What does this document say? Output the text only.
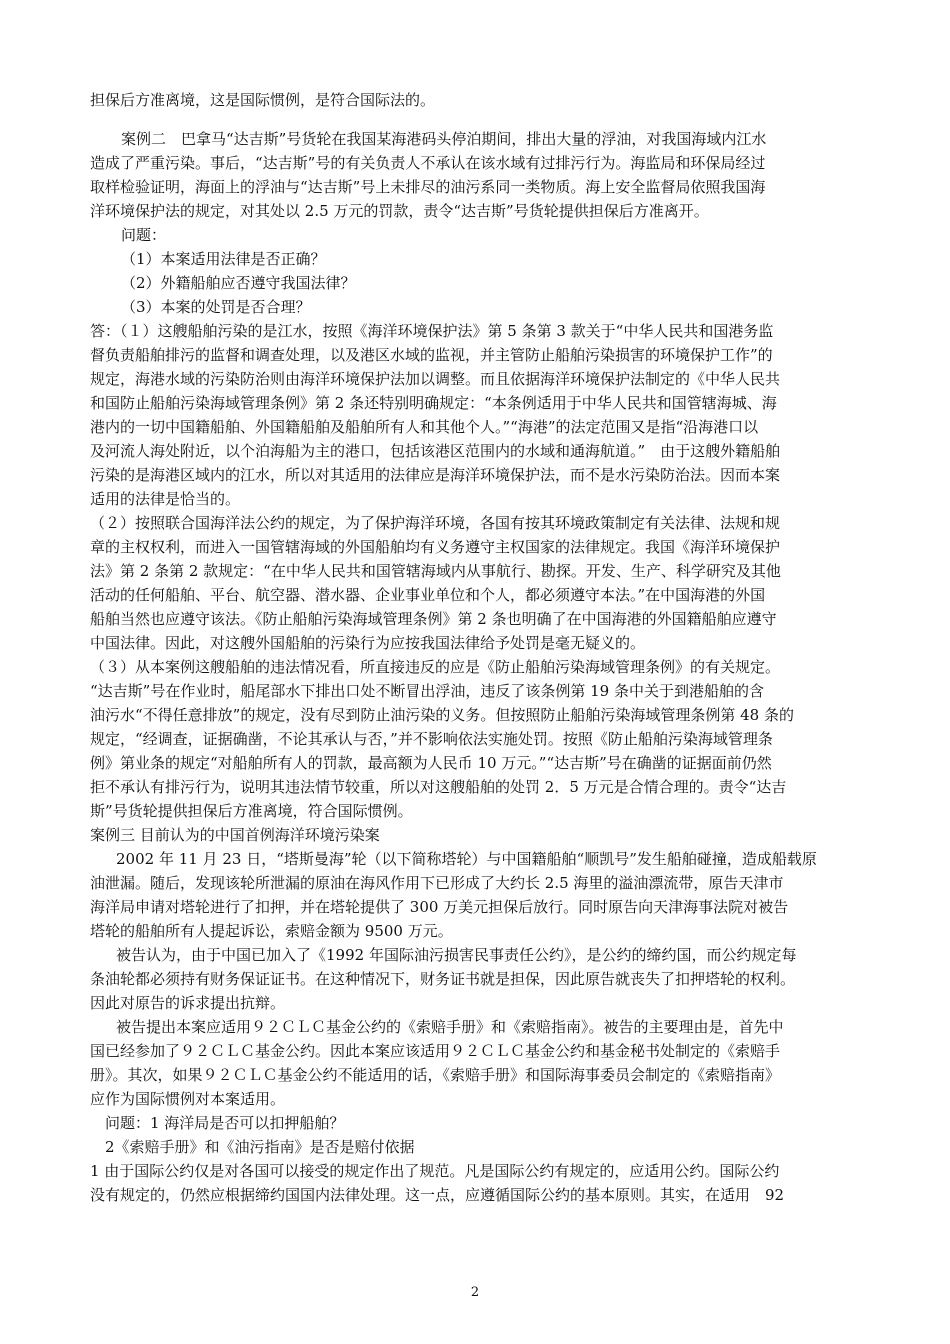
担保后方准离境，这是国际惯例，是符合国际法的。
案例二　巴拿马“达吉斯”号货轮在我国某海港码头停泊期间，排出大量的浮油，对我国海域内江水
造成了严重污染。事后，“达吉斯”号的有关负责人不承认在该水域有过排污行为。海监局和环保局经过
取样检验证明，海面上的浮油与“达吉斯”号上未排尽的油污系同一类物质。海上安全监督局依照我国海
洋环境保护法的规定，对其处以 2.5 万元的罚款，责令“达吉斯”号货轮提供担保后方准离开。
问题：
（1）本案适用法律是否正确？
（2）外籍船舶应否遵守我国法律？
（3）本案的处罚是否合理？
答：（１）这艘船舶污染的是江水，按照《海洋环境保护法》第 5 条第 3 款关于“中华人民共和国港务监
督负责船舶排污的监督和调查处理，以及港区水域的监视，并主管防止船舶污染损害的环境保护工作”的
规定，海港水域的污染防治则由海洋环境保护法加以调整。而且依据海洋环境保护法制定的《中华人民共
和国防止船舶污染海域管理条例》第 2 条还特别明确规定：“本条例适用于中华人民共和国管辖海城、海
港内的一切中国籍船舶、外国籍船舶及船舶所有人和其他个人。”“海港”的法定范围又是指“沿海港口以
及河流人海处附近，以个泊海船为主的港口，包括该港区范围内的水域和通海航道。”　由于这艘外籍船舶
污染的是海港区域内的江水，所以对其适用的法律应是海洋环境保护法，而不是水污染防治法。因而本案
适用的法律是恰当的。
（２）按照联合国海洋法公约的规定，为了保护海洋环境，各国有按其环境政策制定有关法律、法规和规
章的主权权利，而进入一国管辖海域的外国船舶均有义务遵守主权国家的法律规定。我国《海洋环境保护
法》第 2 条第 2 款规定：“在中华人民共和国管辖海域内从事航行、勘探。开发、生产、科学研究及其他
活动的任何船舶、平台、航空器、潜水器、企业事业单位和个人，都必须遵守本法。”在中国海港的外国
船舶当然也应遵守该法。《防止船舶污染海域管理条例》第 2 条也明确了在中国海港的外国籍船舶应遵守
中国法律。因此，对这艘外国船舶的污染行为应按我国法律给予处罚是毫无疑义的。
（３）从本案例这艘船舶的违法情况看，所直接违反的应是《防止船舶污染海域管理条例》的有关规定。
“达吉斯”号在作业时，船尾部水下排出口处不断冒出浮油，违反了该条例第 19 条中关于到港船舶的含
油污水“不得任意排放”的规定，没有尽到防止油污染的义务。但按照防止船舶污染海域管理条例第 48 条的
规定，“经调查，证据确凿，不论其承认与否，”并不影响依法实施处罚。按照《防止船舶污染海域管理条
例》第业条的规定“对船舶所有人的罚款，最高额为人民币 10 万元。”“达吉斯”号在确凿的证据面前仍然
拒不承认有排污行为，说明其违法情节较重，所以对这艘船舶的处罚 2．5 万元是合情合理的。责令“达吉
斯”号货轮提供担保后方准离境，符合国际惯例。
案例三 目前认为的中国首例海洋环境污染案
2002 年 11 月 23 日，“塔斯曼海”轮（以下简称塔轮）与中国籍船舶“顺凯号”发生船舶碰撞，造成船载原
油泄漏。随后，发现该轮所泄漏的原油在海风作用下已形成了大约长 2.5 海里的溢油漂流带，原告天津市
海洋局申请对塔轮进行了扣押，并在塔轮提供了 300 万美元担保后放行。同时原告向天津海事法院对被告
塔轮的船舶所有人提起诉讼，索赔金额为 9500 万元。
被告认为，由于中国已加入了《1992 年国际油污损害民事责任公约》，是公约的缔约国，而公约规定每
条油轮都必须持有财务保证证书。在这种情况下，财务证书就是担保，因此原告就丧失了扣押塔轮的权利。
因此对原告的诉求提出抗辩。
被告提出本案应适用９２ＣＬＣ基金公约的《索赔手册》和《索赔指南》。被告的主要理由是，首先中
国已经参加了９２ＣＬＣ基金公约。因此本案应该适用９２ＣＬＣ基金公约和基金秘书处制定的《索赔手
册》。其次，如果９２ＣＬＣ基金公约不能适用的话，《索赔手册》和国际海事委员会制定的《索赔指南》
应作为国际惯例对本案适用。
问题：1 海洋局是否可以扣押船舶？
2《索赔手册》和《油污指南》是否是赔付依据
1 由于国际公约仅是对各国可以接受的规定作出了规范。凡是国际公约有规定的，应适用公约。国际公约
没有规定的，仍然应根据缔约国国内法律处理。这一点，应遵循国际公约的基本原则。其实，在适用　92
2
